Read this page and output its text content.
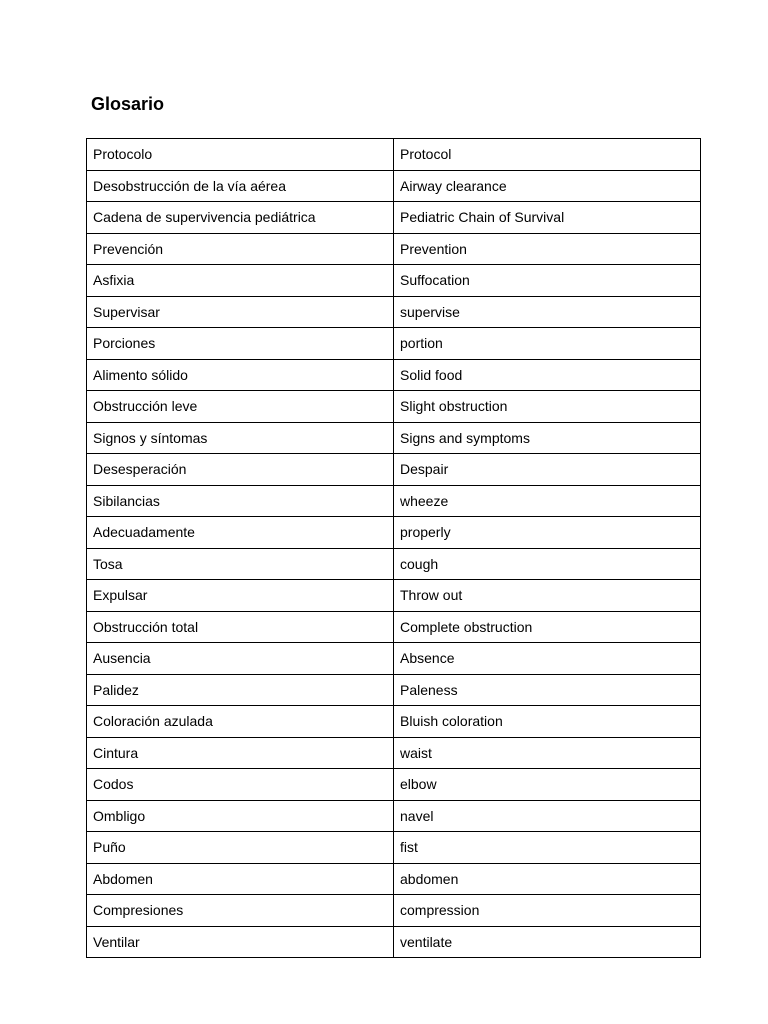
Glosario
Protocolo	Protocol
Desobstrucción de la vía aérea	Airway clearance
Cadena de supervivencia pediátrica	Pediatric Chain of Survival
Prevención	Prevention
Asfixia	Suffocation
Supervisar	supervise
Porciones	portion
Alimento sólido	Solid food
Obstrucción leve	Slight obstruction
Signos y síntomas	Signs and symptoms
Desesperación	Despair
Sibilancias	wheeze
Adecuadamente	properly
Tosa	cough
Expulsar	Throw out
Obstrucción total	Complete obstruction
Ausencia	Absence
Palidez	Paleness
Coloración azulada	Bluish coloration
Cintura	waist
Codos	elbow
Ombligo	navel
Puño	fist
Abdomen	abdomen
Compresiones	compression
Ventilar	ventilate
